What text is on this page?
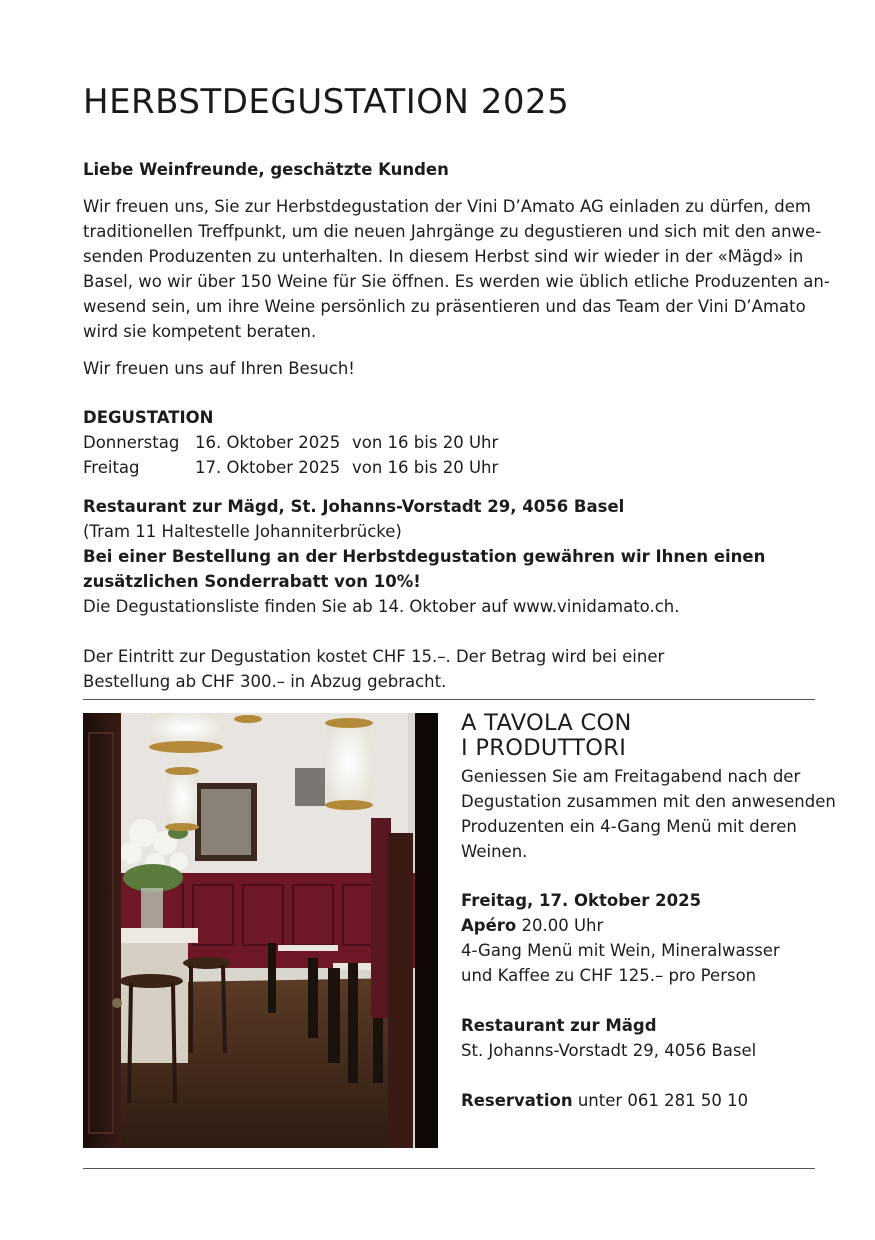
HERBSTDEGUSTATION 2025
Liebe Weinfreunde, geschätzte Kunden
Wir freuen uns, Sie zur Herbstdegustation der Vini D’Amato AG einladen zu dürfen, dem
traditionellen Treffpunkt, um die neuen Jahrgänge zu degustieren und sich mit den anwe-
senden Produzenten zu unterhalten. In diesem Herbst sind wir wieder in der «Mägd» in
Basel, wo wir über 150 Weine für Sie öffnen. Es werden wie üblich etliche Produzenten an-
wesend sein, um ihre Weine persönlich zu präsentieren und das Team der Vini D’Amato
wird sie kompetent beraten.
Wir freuen uns auf Ihren Besuch!
DEGUSTATION
Donnerstag 16. Oktober 2025 von 16 bis 20 Uhr
Freitag	17. Oktober 2025 von 16 bis 20 Uhr
Restaurant zur Mägd, St. Johanns-Vorstadt 29, 4056 Basel
(Tram 11 Haltestelle Johanniterbrücke)
Bei einer Bestellung an der Herbstdegustation gewähren wir Ihnen einen
zusätzlichen Sonderrabatt von 10%!
Die Degustationsliste finden Sie ab 14. Oktober auf www.vinidamato.ch.
Der Eintritt zur Degustation kostet CHF 15.–. Der Betrag wird bei einer
Bestellung ab CHF 300.– in Abzug gebracht.
A TAVOLA CON
I PRODUTTORI
Geniessen Sie am Freitagabend nach der
Degustation zusammen mit den anwesenden
Produzenten ein 4-Gang Menü mit deren
Weinen.
Freitag, 17. Oktober 2025
Apéro 20.00 Uhr
4-Gang Menü mit Wein, Mineralwasser
und Kaffee zu CHF 125.– pro Person
Restaurant zur Mägd
St. Johanns-Vorstadt 29, 4056 Basel
Reservation unter 061 281 50 10
